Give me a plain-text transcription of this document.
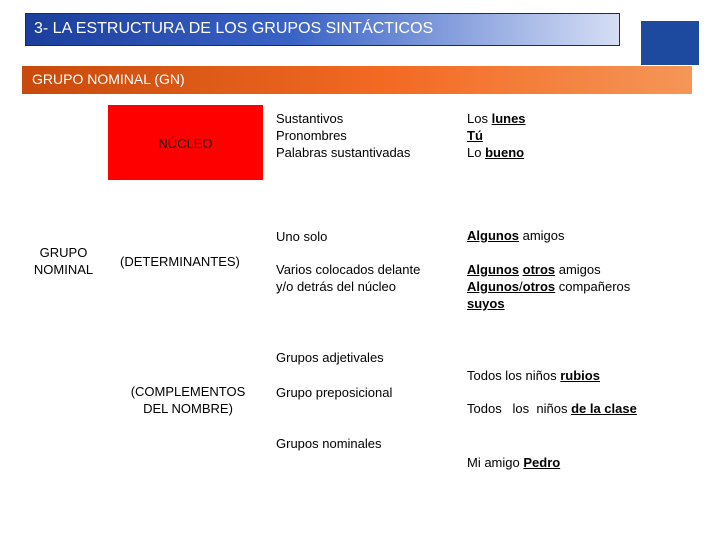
3- LA ESTRUCTURA DE LOS GRUPOS SINTÁCTICOS
GRUPO NOMINAL (GN)
GRUPO
NOMINAL
NÚCLEO
Sustantivos
Pronombres
Palabras sustantivadas
Los lunes
Tú
Lo bueno
(DETERMINANTES)
Uno solo
Varios colocados delante
y/o detrás del núcleo
Algunos amigos
Algunos otros amigos
Algunos/otros compañeros
suyos
(COMPLEMENTOS
DEL NOMBRE)
Grupos adjetivales
Grupo preposicional
Grupos nominales
Todos los niños rubios
Todos   los  niños de la clase
Mi amigo Pedro
